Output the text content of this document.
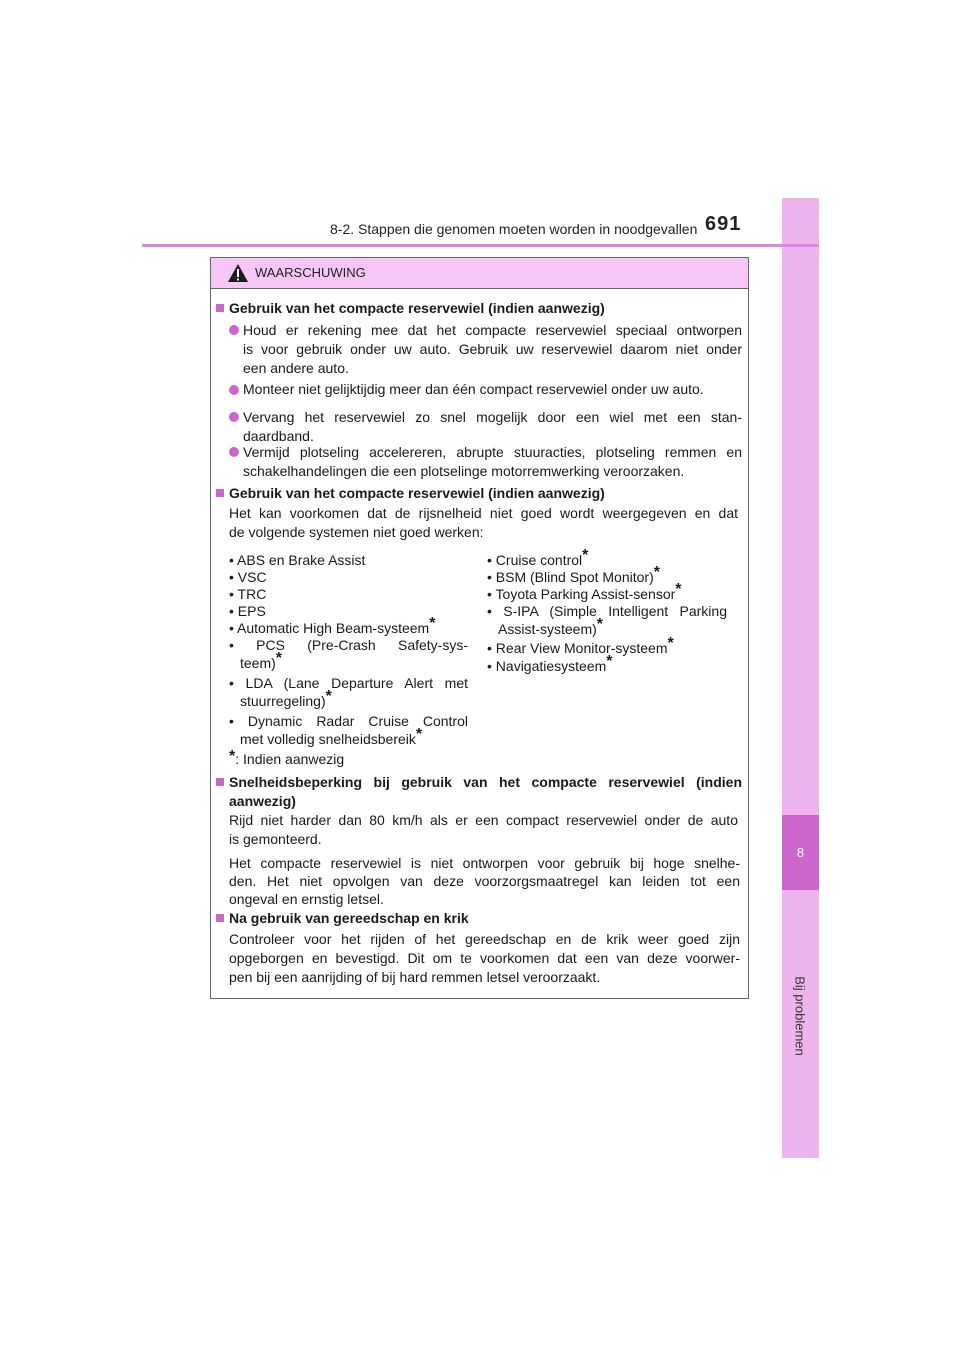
8
Bij problemen
8-2. Stappen die genomen moeten worden in noodgevallen 691
WAARSCHUWING
Gebruik van het compacte reservewiel (indien aanwezig)
Houd er rekening mee dat het compacte reservewiel speciaal ontworpen
is voor gebruik onder uw auto. Gebruik uw reservewiel daarom niet onder
een andere auto.
Monteer niet gelijktijdig meer dan één compact reservewiel onder uw auto.
Vervang het reservewiel zo snel mogelijk door een wiel met een stan-
daardband.
Vermijd plotseling accelereren, abrupte stuuracties, plotseling remmen en
schakelhandelingen die een plotselinge motorremwerking veroorzaken.
Gebruik van het compacte reservewiel (indien aanwezig)
Het kan voorkomen dat de rijsnelheid niet goed wordt weergegeven en dat
de volgende systemen niet goed werken:
• ABS en Brake Assist
• VSC
• TRC
• EPS
• Automatic High Beam-systeem*
• PCS (Pre-Crash Safety-sys-
teem)*
• LDA (Lane Departure Alert met
stuurregeling)*
• Dynamic Radar Cruise Control
met volledig snelheidsbereik*
• Cruise control*
• BSM (Blind Spot Monitor)*
• Toyota Parking Assist-sensor*
• S-IPA (Simple Intelligent Parking
Assist-systeem)*
• Rear View Monitor-systeem*
• Navigatiesysteem*
*: Indien aanwezig
Snelheidsbeperking bij gebruik van het compacte reservewiel (indien
aanwezig)
Rijd niet harder dan 80 km/h als er een compact reservewiel onder de auto
is gemonteerd.
Het compacte reservewiel is niet ontworpen voor gebruik bij hoge snelhe-
den. Het niet opvolgen van deze voorzorgsmaatregel kan leiden tot een
ongeval en ernstig letsel.
Na gebruik van gereedschap en krik
Controleer voor het rijden of het gereedschap en de krik weer goed zijn
opgeborgen en bevestigd. Dit om te voorkomen dat een van deze voorwer-
pen bij een aanrijding of bij hard remmen letsel veroorzaakt.
